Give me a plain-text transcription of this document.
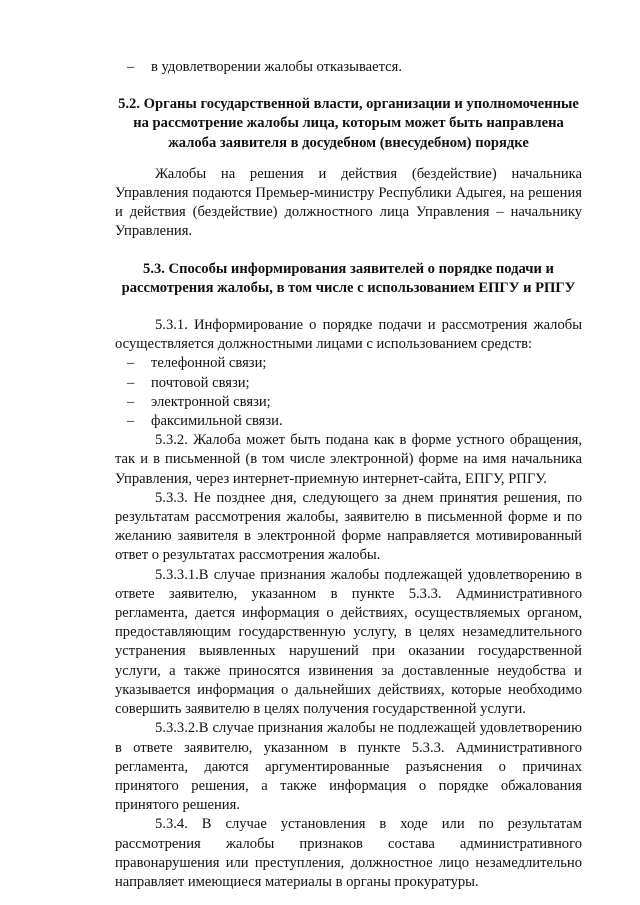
– в удовлетворении жалобы отказывается.

5.2. Органы государственной власти, организации и уполномоченные на рассмотрение жалобы лица, которым может быть направлена жалоба заявителя в досудебном (внесудебном) порядке

Жалобы на решения и действия (бездействие) начальника Управления подаются Премьер-министру Республики Адыгея, на решения и действия (бездействие) должностного лица Управления – начальнику Управления.

5.3. Способы информирования заявителей о порядке подачи и рассмотрения жалобы, в том числе с использованием ЕПГУ и РПГУ

5.3.1. Информирование о порядке подачи и рассмотрения жалобы осуществляется должностными лицами с использованием средств:

– телефонной связи;

– почтовой связи;

– электронной связи;

– факсимильной связи.

5.3.2. Жалоба может быть подана как в форме устного обращения, так и в письменной (в том числе электронной) форме на имя начальника Управления, через интернет-приемную интернет-сайта, ЕПГУ, РПГУ.

5.3.3. Не позднее дня, следующего за днем принятия решения, по результатам рассмотрения жалобы, заявителю в письменной форме и по желанию заявителя в электронной форме направляется мотивированный ответ о результатах рассмотрения жалобы.

5.3.3.1.В случае признания жалобы подлежащей удовлетворению в ответе заявителю, указанном в пункте 5.3.3. Административного регламента, дается информация о действиях, осуществляемых органом, предоставляющим государственную услугу, в целях незамедлительного устранения выявленных нарушений при оказании государственной услуги, а также приносятся извинения за доставленные неудобства и указывается информация о дальнейших действиях, которые необходимо совершить заявителю в целях получения государственной услуги.

5.3.3.2.В случае признания жалобы не подлежащей удовлетворению в ответе заявителю, указанном в пункте 5.3.3. Административного регламента, даются аргументированные разъяснения о причинах принятого решения, а также информация о порядке обжалования принятого решения.

5.3.4. В случае установления в ходе или по результатам рассмотрения жалобы признаков состава административного правонарушения или преступления, должностное лицо незамедлительно направляет имеющиеся материалы в органы прокуратуры.
